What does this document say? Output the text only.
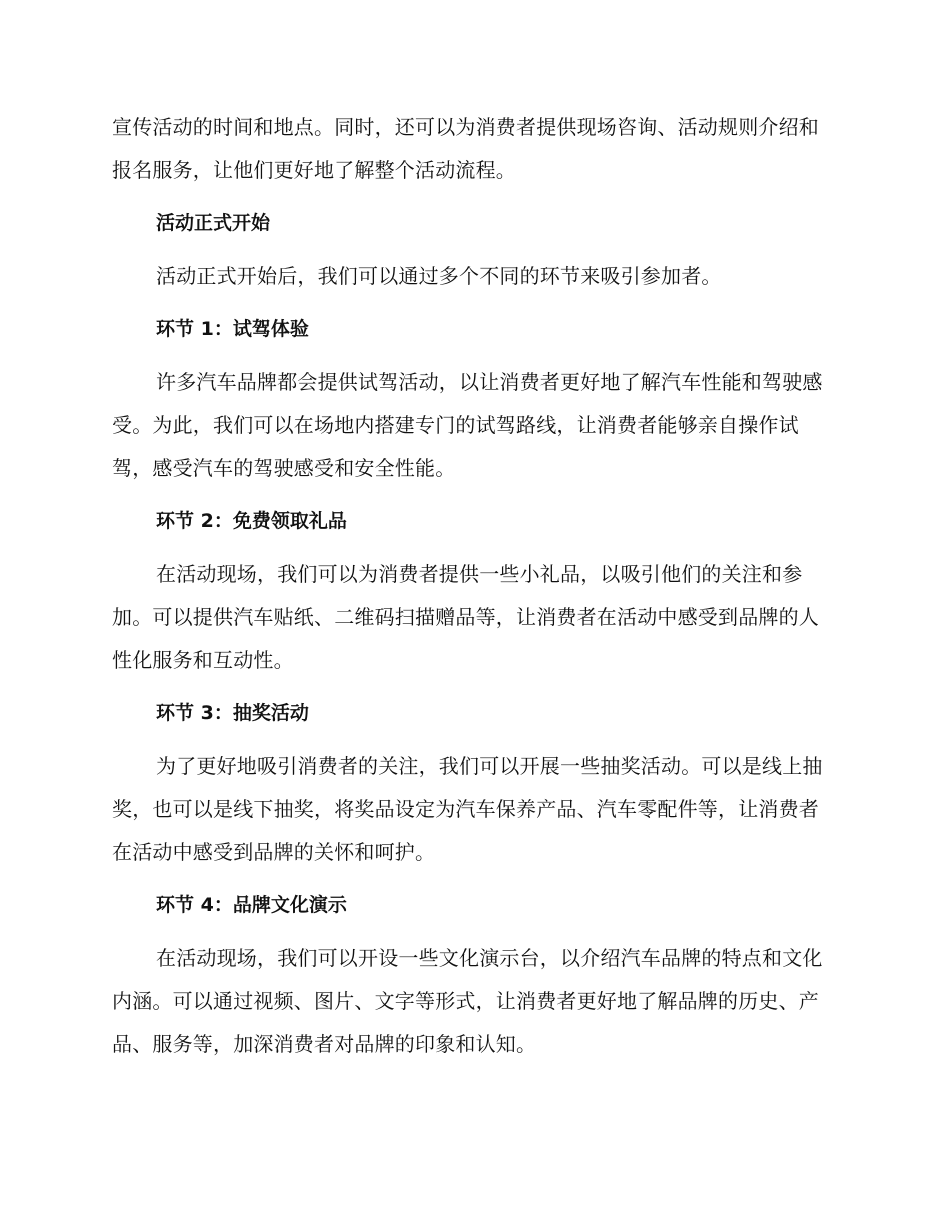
宣传活动的时间和地点。同时，还可以为消费者提供现场咨询、活动规则介绍和报名服务，让他们更好地了解整个活动流程。

活动正式开始

活动正式开始后，我们可以通过多个不同的环节来吸引参加者。

环节 1：试驾体验

许多汽车品牌都会提供试驾活动，以让消费者更好地了解汽车性能和驾驶感受。为此，我们可以在场地内搭建专门的试驾路线，让消费者能够亲自操作试驾，感受汽车的驾驶感受和安全性能。

环节 2：免费领取礼品

在活动现场，我们可以为消费者提供一些小礼品，以吸引他们的关注和参加。可以提供汽车贴纸、二维码扫描赠品等，让消费者在活动中感受到品牌的人性化服务和互动性。

环节 3：抽奖活动

为了更好地吸引消费者的关注，我们可以开展一些抽奖活动。可以是线上抽奖，也可以是线下抽奖，将奖品设定为汽车保养产品、汽车零配件等，让消费者在活动中感受到品牌的关怀和呵护。

环节 4：品牌文化演示

在活动现场，我们可以开设一些文化演示台，以介绍汽车品牌的特点和文化内涵。可以通过视频、图片、文字等形式，让消费者更好地了解品牌的历史、产品、服务等，加深消费者对品牌的印象和认知。
